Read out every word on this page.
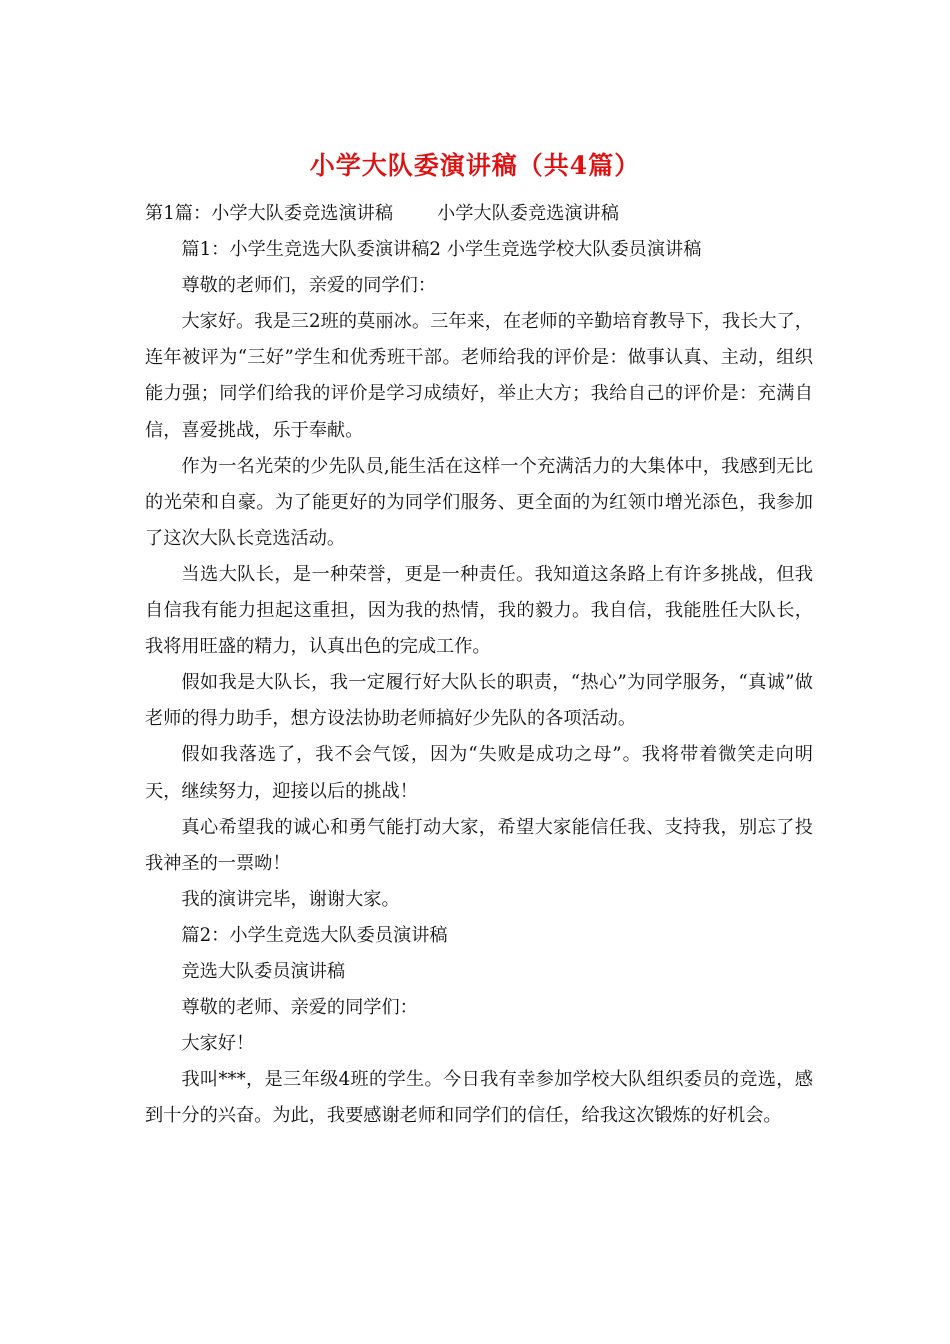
小学大队委演讲稿（共4篇）

第1篇：小学大队委竞选演讲稿 小学大队委竞选演讲稿

篇1：小学生竞选大队委演讲稿2 小学生竞选学校大队委员演讲稿

尊敬的老师们，亲爱的同学们：

大家好。我是三2班的莫丽冰。三年来，在老师的辛勤培育教导下，我长大了，连年被评为“三好”学生和优秀班干部。老师给我的评价是：做事认真、主动，组织能力强；同学们给我的评价是学习成绩好，举止大方；我给自己的评价是：充满自信，喜爱挑战，乐于奉献。

作为一名光荣的少先队员,能生活在这样一个充满活力的大集体中，我感到无比的光荣和自豪。为了能更好的为同学们服务、更全面的为红领巾增光添色，我参加了这次大队长竞选活动。

当选大队长，是一种荣誉，更是一种责任。我知道这条路上有许多挑战，但我自信我有能力担起这重担，因为我的热情，我的毅力。我自信，我能胜任大队长，我将用旺盛的精力，认真出色的完成工作。

假如我是大队长，我一定履行好大队长的职责，“热心”为同学服务，“真诚”做老师的得力助手，想方设法协助老师搞好少先队的各项活动。

假如我落选了，我不会气馁，因为“失败是成功之母”。我将带着微笑走向明天，继续努力，迎接以后的挑战！

真心希望我的诚心和勇气能打动大家，希望大家能信任我、支持我，别忘了投我神圣的一票呦！

我的演讲完毕，谢谢大家。

篇2：小学生竞选大队委员演讲稿

竞选大队委员演讲稿

尊敬的老师、亲爱的同学们：

大家好！

我叫***，是三年级4班的学生。今日我有幸参加学校大队组织委员的竞选，感到十分的兴奋。为此，我要感谢老师和同学们的信任，给我这次锻炼的好机会。
